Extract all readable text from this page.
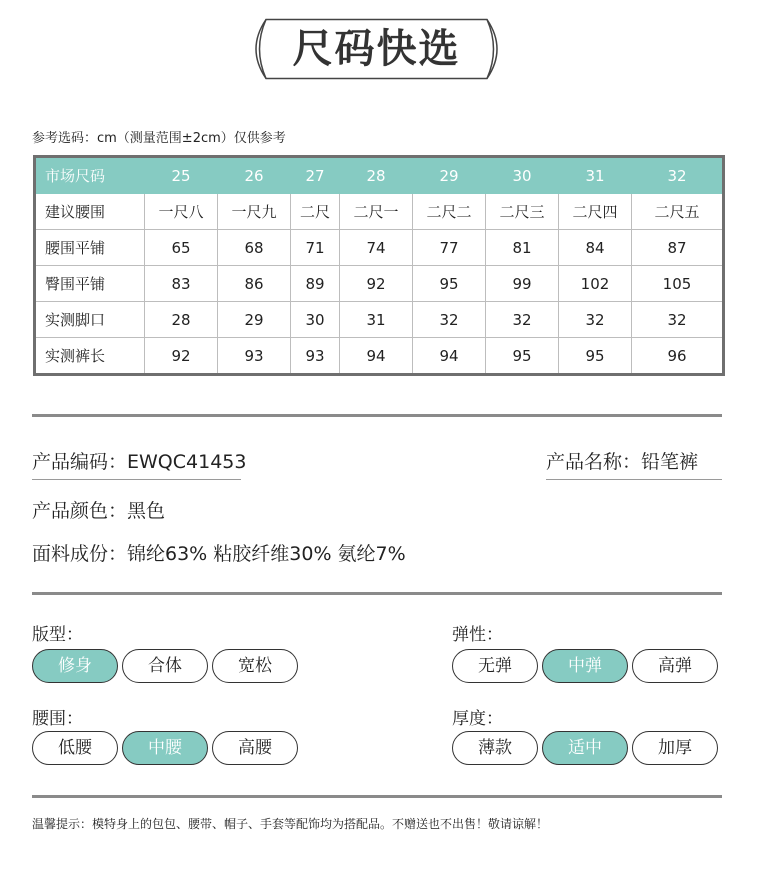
尺码快选
参考选码：cm（测量范围±2cm）仅供参考
市场尺码	25	26	27	28	29	30	31	32
建议腰围	一尺八	一尺九	二尺	二尺一	二尺二	二尺三	二尺四	二尺五
腰围平铺	65	68	71	74	77	81	84	87
臀围平铺	83	86	89	92	95	99	102	105
实测脚口	28	29	30	31	32	32	32	32
实测裤长	92	93	93	94	94	95	95	96
产品编码：EWQC41453	产品名称：铅笔裤
产品颜色：黑色
面料成份：锦纶63% 粘胶纤维30% 氨纶7%
版型：
修身	合体	宽松
弹性：
无弹	中弹	高弹
腰围：
低腰	中腰	高腰
厚度：
薄款	适中	加厚
温馨提示：模特身上的包包、腰带、帽子、手套等配饰均为搭配品。不赠送也不出售！敬请谅解！
